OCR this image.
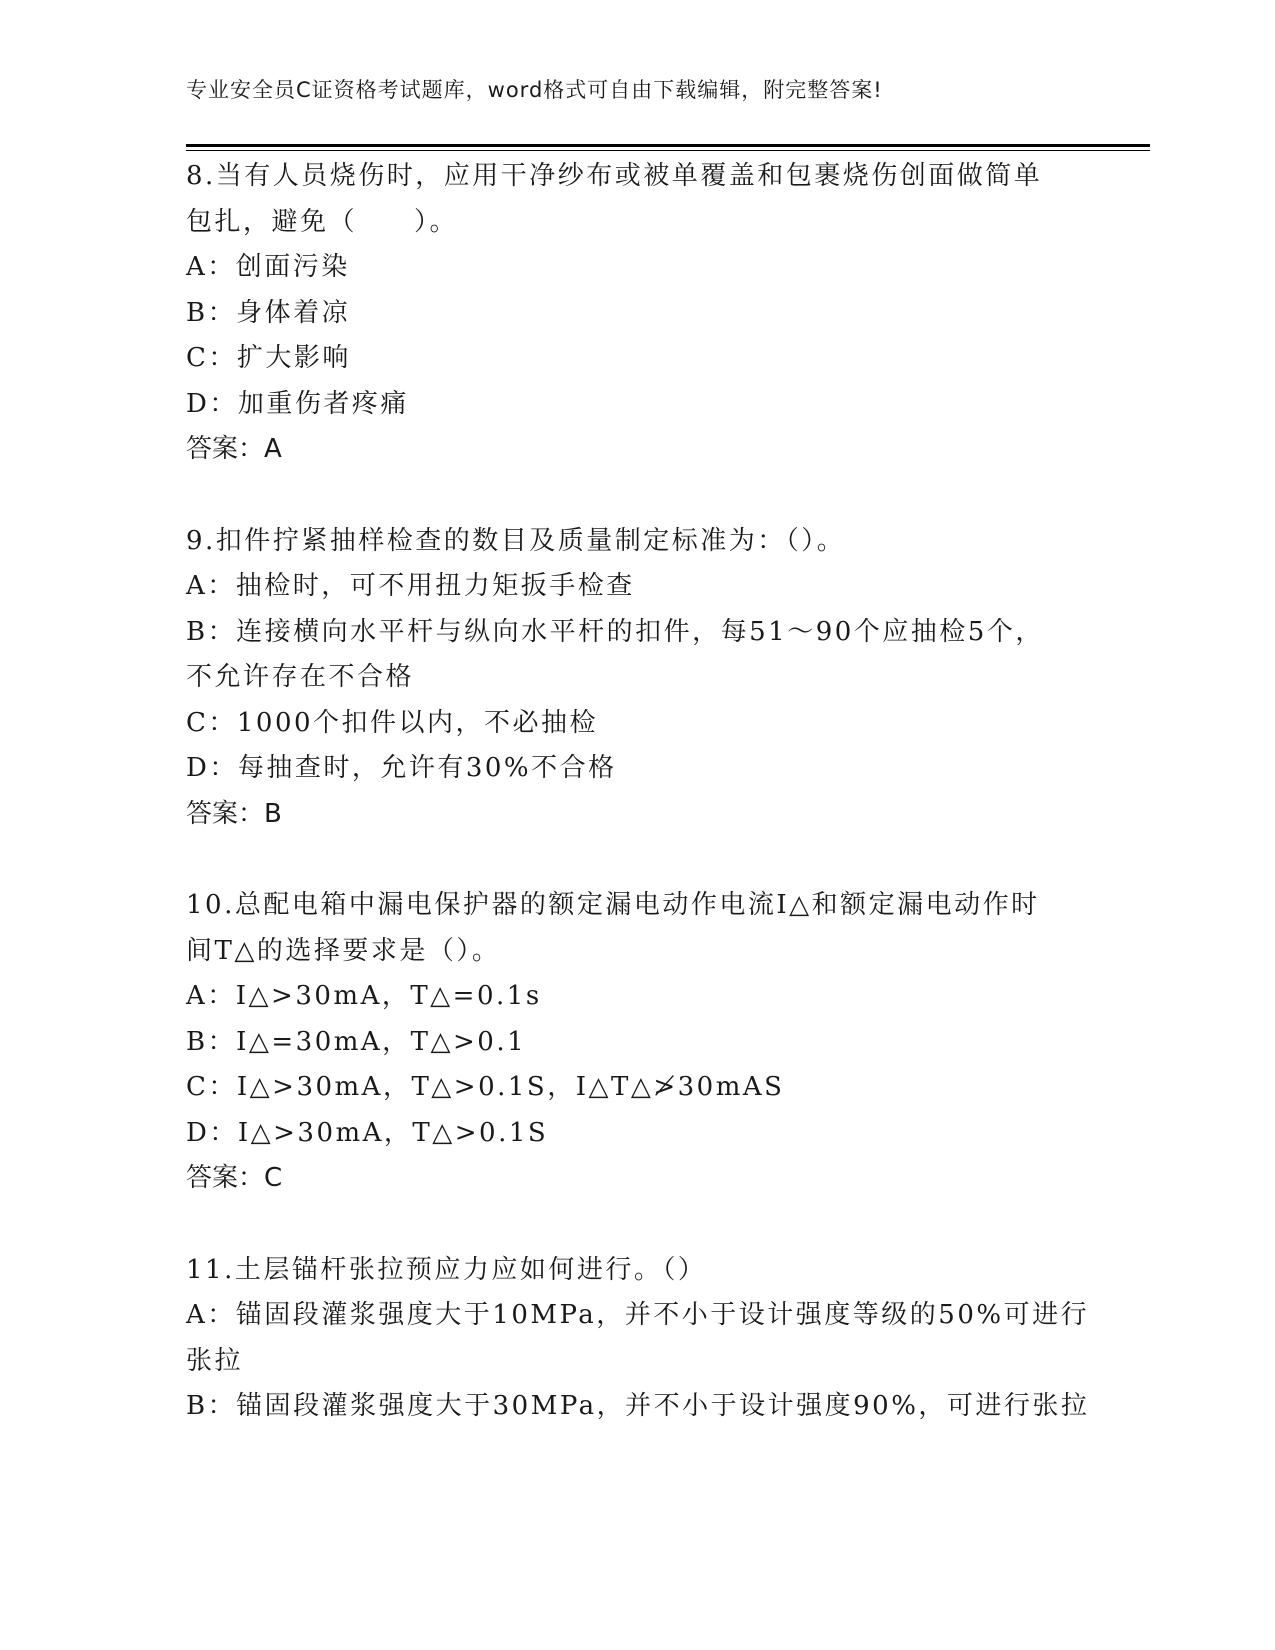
专业安全员C证资格考试题库，word格式可自由下载编辑，附完整答案!
8.当有人员烧伤时，应用干净纱布或被单覆盖和包裹烧伤创面做简单
包扎，避免（　　）。
A：创面污染
B：身体着凉
C：扩大影响
D：加重伤者疼痛
答案：A
9.扣件拧紧抽样检查的数目及质量制定标准为：（）。
A：抽检时，可不用扭力矩扳手检查
B：连接横向水平杆与纵向水平杆的扣件，每51～90个应抽检5个，
不允许存在不合格
C：1000个扣件以内，不必抽检
D：每抽查时，允许有30%不合格
答案：B
10.总配电箱中漏电保护器的额定漏电动作电流I△和额定漏电动作时
间T△的选择要求是（）。
A：I△>30mA，T△=0.1s
B：I△=30mA，T△>0.1
C：I△>30mA，T△>0.1S，I△T△≯30mAS
D：I△>30mA，T△>0.1S
答案：C
11.土层锚杆张拉预应力应如何进行。（）
A：锚固段灌浆强度大于10MPa，并不小于设计强度等级的50%可进行
张拉
B：锚固段灌浆强度大于30MPa，并不小于设计强度90%，可进行张拉
